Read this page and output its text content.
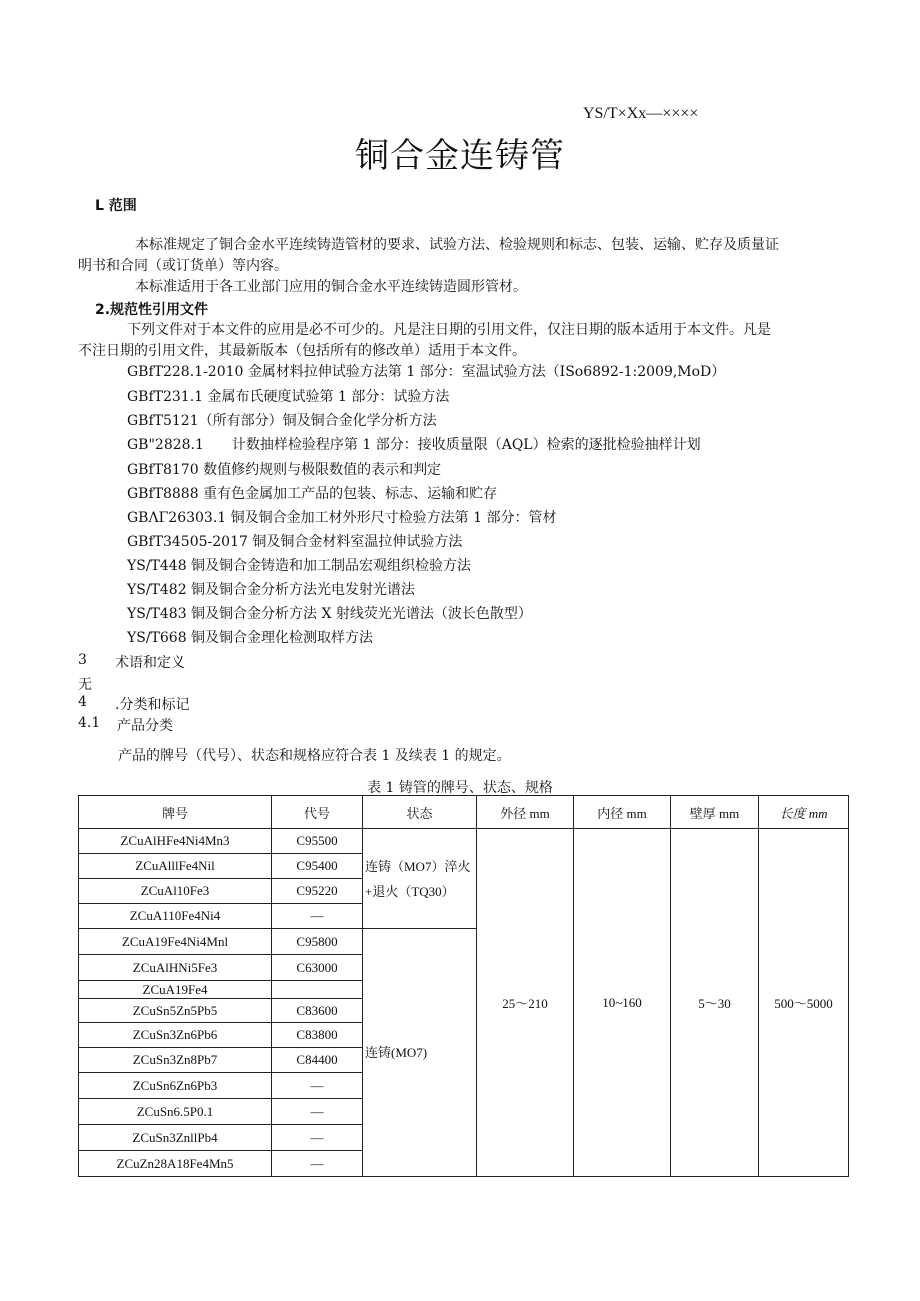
YS/T×Xx—××××
铜合金连铸管
L 范围
本标准规定了铜合金水平连续铸造管材的要求、试验方法、检验规则和标志、包装、运输、贮存及质量证
明书和合同（或订货单）等内容。
本标准适用于各工业部门应用的铜合金水平连续铸造圆形管材。
2.规范性引用文件
下列文件对于本文件的应用是必不可少的。凡是注日期的引用文件，仅注日期的版本适用于本文件。凡是
不注日期的引用文件，其最新版本（包括所有的修改单）适用于本文件。
GBfT228.1-2010 金属材料拉伸试验方法第 1 部分：室温试验方法（ISo6892-1:2009,MoD）
GBfT231.1 金属布氏硬度试验第 1 部分：试验方法
GBfT5121（所有部分）铜及铜合金化学分析方法
GB"2828.1　　计数抽样检验程序第 1 部分：接收质量限（AQL）检索的逐批检验抽样计划
GBfT8170 数值修约规则与极限数值的表示和判定
GBfT8888 重有色金属加工产品的包装、标志、运输和贮存
GBΛΓ26303.1 铜及铜合金加工材外形尺寸检验方法第 1 部分：管材
GBfT34505-2017 铜及铜合金材料室温拉伸试验方法
YS/T448 铜及铜合金铸造和加工制品宏观组织检验方法
YS/T482 铜及铜合金分析方法光电发射光谱法
YS/T483 铜及铜合金分析方法 X 射线荧光光谱法（波长色散型）
YS/T668 铜及铜合金理化检测取样方法
3 术语和定义
无
4 .分类和标记
4.1 产品分类
产品的牌号（代号）、状态和规格应符合表 1 及续表 1 的规定。
表 1 铸管的牌号、状态、规格
牌号	代号	状态	外径 mm	内径 mm	壁厚 mm	长度 mm
ZCuAlHFe4Ni4Mn3	C95500	连铸（MO7）淬火+退火（TQ30）	25～210	10~160	5～30	500～5000
ZCuAlllFe4Nil	C95400					
ZCuAl10Fe3	C95220					
ZCuA110Fe4Ni4	—					
ZCuA19Fe4Ni4Mnl	C95800	连铸(MO7)				
ZCuAlHNi5Fe3	C63000					
ZCuA19Fe4						
ZCuSn5Zn5Pb5	C83600					
ZCuSn3Zn6Pb6	C83800					
ZCuSn3Zn8Pb7	C84400					
ZCuSn6Zn6Pb3	—					
ZCuSn6.5P0.1	—					
ZCuSn3ZnllPb4	—					
ZCuZn28A18Fe4Mn5	—					
